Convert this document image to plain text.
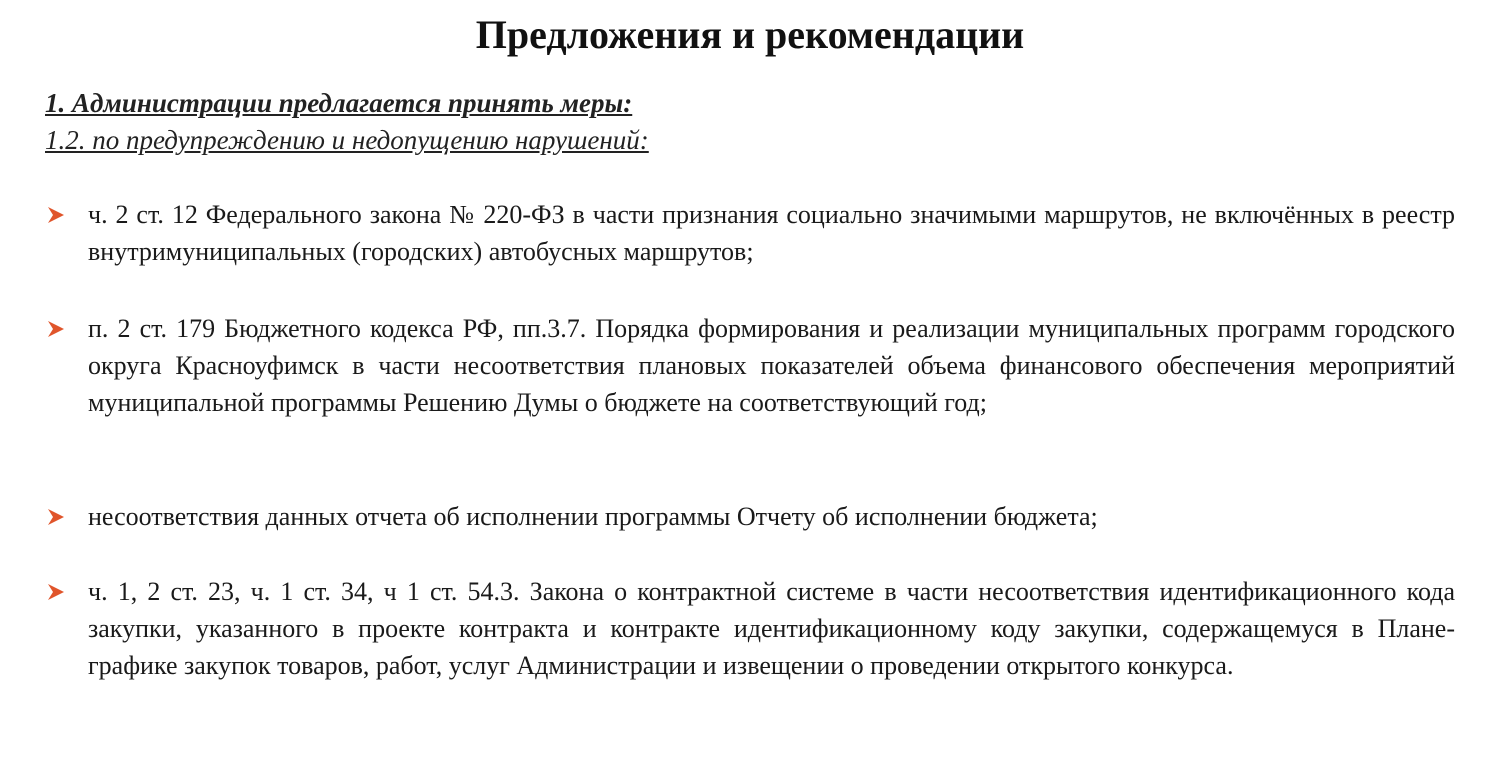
Предложения и рекомендации
1. Администрации предлагается принять меры:
1.2. по предупреждению и недопущению нарушений:
ч. 2 ст. 12 Федерального закона № 220-ФЗ в части признания социально значимыми маршрутов, не включённых в реестр внутримуниципальных (городских) автобусных маршрутов;
п. 2 ст. 179 Бюджетного кодекса РФ, пп.3.7. Порядка формирования и реализации муниципальных программ городского округа Красноуфимск в части несоответствия плановых показателей объема финансового обеспечения мероприятий муниципальной программы Решению Думы о бюджете на соответствующий год;
несоответствия данных отчета об исполнении программы Отчету об исполнении бюджета;
ч. 1, 2 ст. 23, ч. 1 ст. 34, ч 1 ст. 54.3. Закона о контрактной системе в части несоответствия идентификационного кода закупки, указанного в проекте контракта и контракте идентификационному коду закупки, содержащемуся в Плане-графике закупок товаров, работ, услуг Администрации и извещении о проведении открытого конкурса.
